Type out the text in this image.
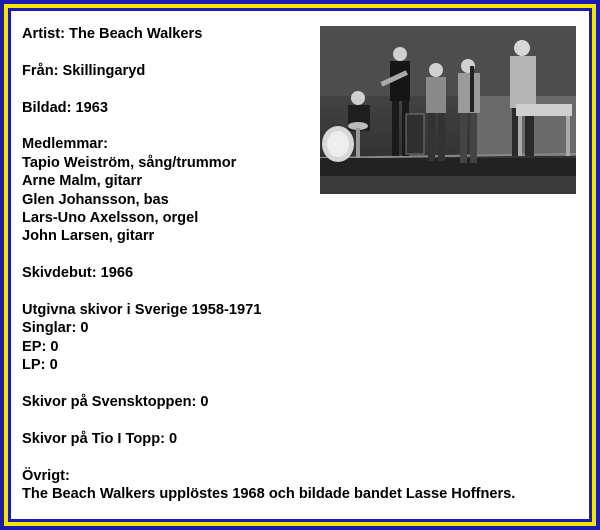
Artist: The Beach Walkers
Från: Skillingaryd
Bildad: 1963
Medlemmar:
Tapio Weiström, sång/trummor
Arne Malm, gitarr
Glen Johansson, bas
Lars-Uno Axelsson, orgel
John Larsen, gitarr
Skivdebut: 1966
Utgivna skivor i Sverige 1958-1971
Singlar: 0
EP: 0
LP: 0
Skivor på Svensktoppen: 0
Skivor på Tio I Topp: 0
Övrigt:
The Beach Walkers upplöstes 1968 och bildade bandet Lasse Hoffners.
